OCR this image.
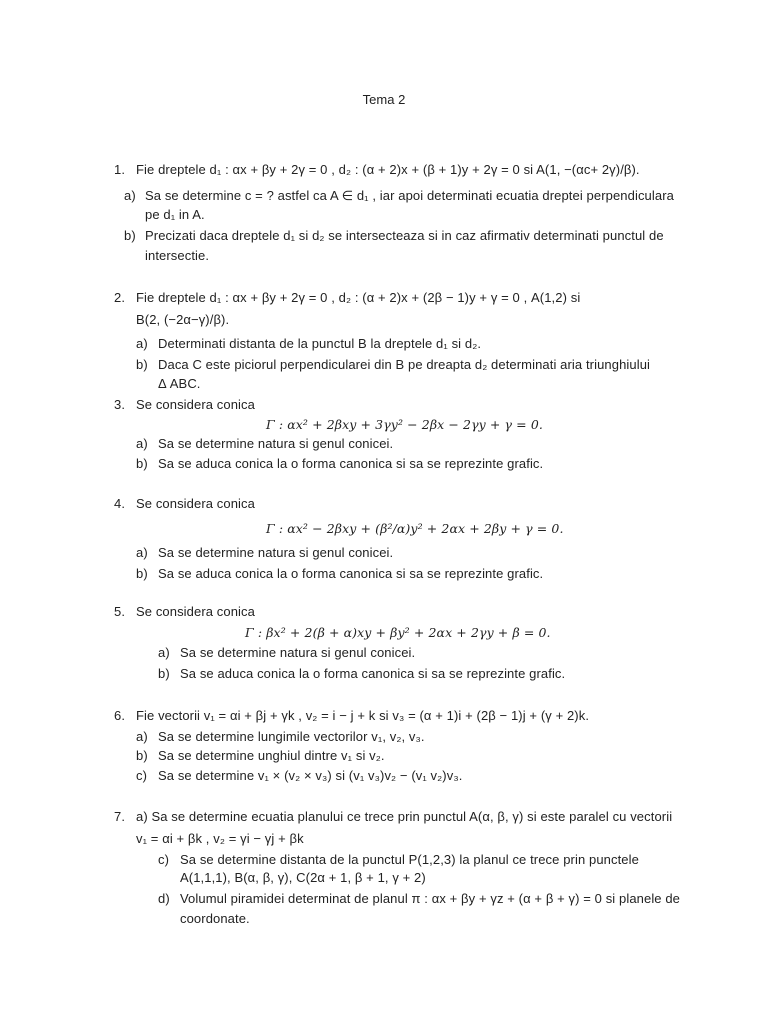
Tema 2
1. Fie dreptele d₁ : αx + βy + 2γ = 0 , d₂ : (α + 2)x + (β + 1)y + 2γ = 0 si A(1, −(αc+ 2γ)/β).
a) Sa se determine c = ? astfel ca A ∈ d₁ , iar apoi determinati ecuatia dreptei perpendiculara
pe d₁ in A.
b) Precizati daca dreptele d₁ si d₂ se intersecteaza si in caz afirmativ determinati punctul de
intersectie.
2. Fie dreptele d₁ : αx + βy + 2γ = 0 , d₂ : (α + 2)x + (2β − 1)y + γ = 0 , A(1,2) si
B(2, (−2α−γ)/β).
a) Determinati distanta de la punctul B la dreptele d₁ si d₂.
b) Daca C este piciorul perpendicularei din B pe dreapta d₂ determinati aria triunghiului
Δ ABC.
3. Se considera conica
Γ : αx² + 2βxy + 3γy² − 2βx − 2γy + γ = 0.
a) Sa se determine natura si genul conicei.
b) Sa se aduca conica la o forma canonica si sa se reprezinte grafic.
4. Se considera conica
Γ : αx² − 2βxy + (β²/α)y² + 2αx + 2βy + γ = 0.
a) Sa se determine natura si genul conicei.
b) Sa se aduca conica la o forma canonica si sa se reprezinte grafic.
5. Se considera conica
Γ : βx² + 2(β + α)xy + βy² + 2αx + 2γy + β = 0.
a) Sa se determine natura si genul conicei.
b) Sa se aduca conica la o forma canonica si sa se reprezinte grafic.
6. Fie vectorii v₁ = αi + βj + γk , v₂ = i − j + k si v₃ = (α + 1)i + (2β − 1)j + (γ + 2)k.
a) Sa se determine lungimile vectorilor v₁, v₂, v₃.
b) Sa se determine unghiul dintre v₁ si v₂.
c) Sa se determine v₁ × (v₂ × v₃) si (v₁ v₃)v₂ − (v₁ v₂)v₃.
7. a) Sa se determine ecuatia planului ce trece prin punctul A(α, β, γ) si este paralel cu vectorii
v₁ = αi + βk , v₂ = γi − γj + βk
c) Sa se determine distanta de la punctul P(1,2,3) la planul ce trece prin punctele
A(1,1,1), B(α, β, γ), C(2α + 1, β + 1, γ + 2)
d) Volumul piramidei determinat de planul π : αx + βy + γz + (α + β + γ) = 0 si planele de
coordonate.
